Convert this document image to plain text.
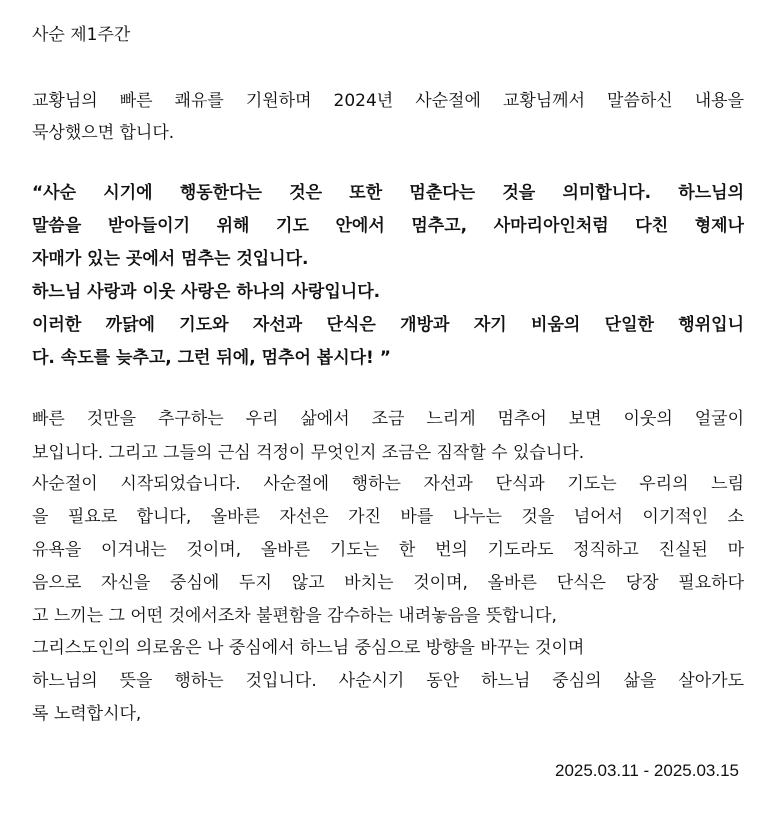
사순 제1주간
교황님의 빠른 쾌유를 기원하며 2024년 사순절에 교황님께서 말씀하신 내용을
묵상했으면 합니다.
“사순 시기에 행동한다는 것은 또한 멈춘다는 것을 의미합니다. 하느님의
말씀을 받아들이기 위해 기도 안에서 멈추고, 사마리아인처럼 다친 형제나
자매가 있는 곳에서 멈추는 것입니다.
하느님 사랑과 이웃 사랑은 하나의 사랑입니다.
이러한 까닭에 기도와 자선과 단식은 개방과 자기 비움의 단일한 행위입니
다. 속도를 늦추고, 그런 뒤에, 멈추어 봅시다! ”
빠른 것만을 추구하는 우리 삶에서 조금 느리게 멈추어 보면 이웃의 얼굴이
보입니다. 그리고 그들의 근심 걱정이 무엇인지 조금은 짐작할 수 있습니다.
사순절이 시작되었습니다. 사순절에 행하는 자선과 단식과 기도는 우리의 느림
을 필요로 합니다, 올바른 자선은 가진 바를 나누는 것을 넘어서 이기적인 소
유욕을 이겨내는 것이며, 올바른 기도는 한 번의 기도라도 정직하고 진실된 마
음으로 자신을 중심에 두지 않고 바치는 것이며, 올바른 단식은 당장 필요하다
고 느끼는 그 어떤 것에서조차 불편함을 감수하는 내려놓음을 뜻합니다,
그리스도인의 의로움은 나 중심에서 하느님 중심으로 방향을 바꾸는 것이며
하느님의 뜻을 행하는 것입니다. 사순시기 동안 하느님 중심의 삶을 살아가도
록 노력합시다,
2025.03.11 - 2025.03.15
